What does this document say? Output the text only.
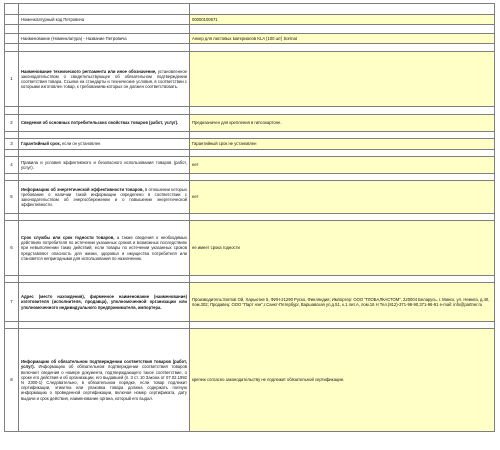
	Номенклатурный код Петровича	00000100671

	Наименование (Номенклатура) - Название Петровича	Анкер для листовых материалов KLA (100 шт) Sormat

1	Наименование технического регламента или иное обозначение, установленное законодательством о свидетельствующее об обязательном подтверждении соответствия товара. Ссылки на стандарты и технические условия, в соответствии с которыми изготовлен товар, к требованиям которых он должен соответствовать.	

2	Сведения об основных потребительских свойствах товаров (работ, услуг).	Предназначен для крепления в гипсокартоне.

3	Гарантийный срок, если он установлен	Гарантийный срок не установлен

4	Правила и условия эффективного и безопасного использования товаров (работ, услуг).	нет

5	Информацию об энергетической эффективности товаров, в отношении которых требование о наличии такой информации определено в соответствии с законодательством об энергосбережении и о повышении энергетической эффективности.	нет

6	Срок службы или срок годности товаров, а также сведения о необходимых действиях потребителя по истечении указанных сроков и возможных последствиях при невыполнении таких действий, если товары по истечении указанных сроков представляют опасность для жизни, здоровья и имущества потребителя или становятся непригодными для использования по назначению.	не имеет срока годности

7	Адрес (место нахождения), фирменное наименование (наименование) изготовителя (исполнителя, продавца), уполномоченной организации или уполномоченного индивидуального предпринимателя, импортера.	Производитель:Sormat Oй, Харьютие 5, ФИН-21290 Руско, Финляндия; Импортер: ООО "ГЛОБАЛКАСТОМ", 220004 Беларусь, г. Минск, ул. Немига, д.40, пом.302; Продавец: ООО "Парт нэн",г.Санкт-Петербург, Варшавская ул.д.51, к.1 лит.А, пом.16 Н Тел.(812)-371-96-90,371-96-91 e-mail: info@partner.ru

8	Информацию об обязательном подтверждении соответствия товаров (работ, услуг). Информацию об обязательном подтверждении соответствия товаров включает сведения о номере документа, подтверждающего такое соответствие, о сроке его действия и об организации, его выдавшей (п. 3 ст. 10 Закона от 07.02.1992 N 2300-1) Следовательно, в обязательном порядке, если товар подлежит сертификации, этикетка или упаковка товара должна содержать полную информацию о проведенной сертификации, включая номер сертификата, дату выдачи и срок действия, наименование органа, который его выдал.	крепеж согласно законодательству не подлежит обязательной сертификации.
